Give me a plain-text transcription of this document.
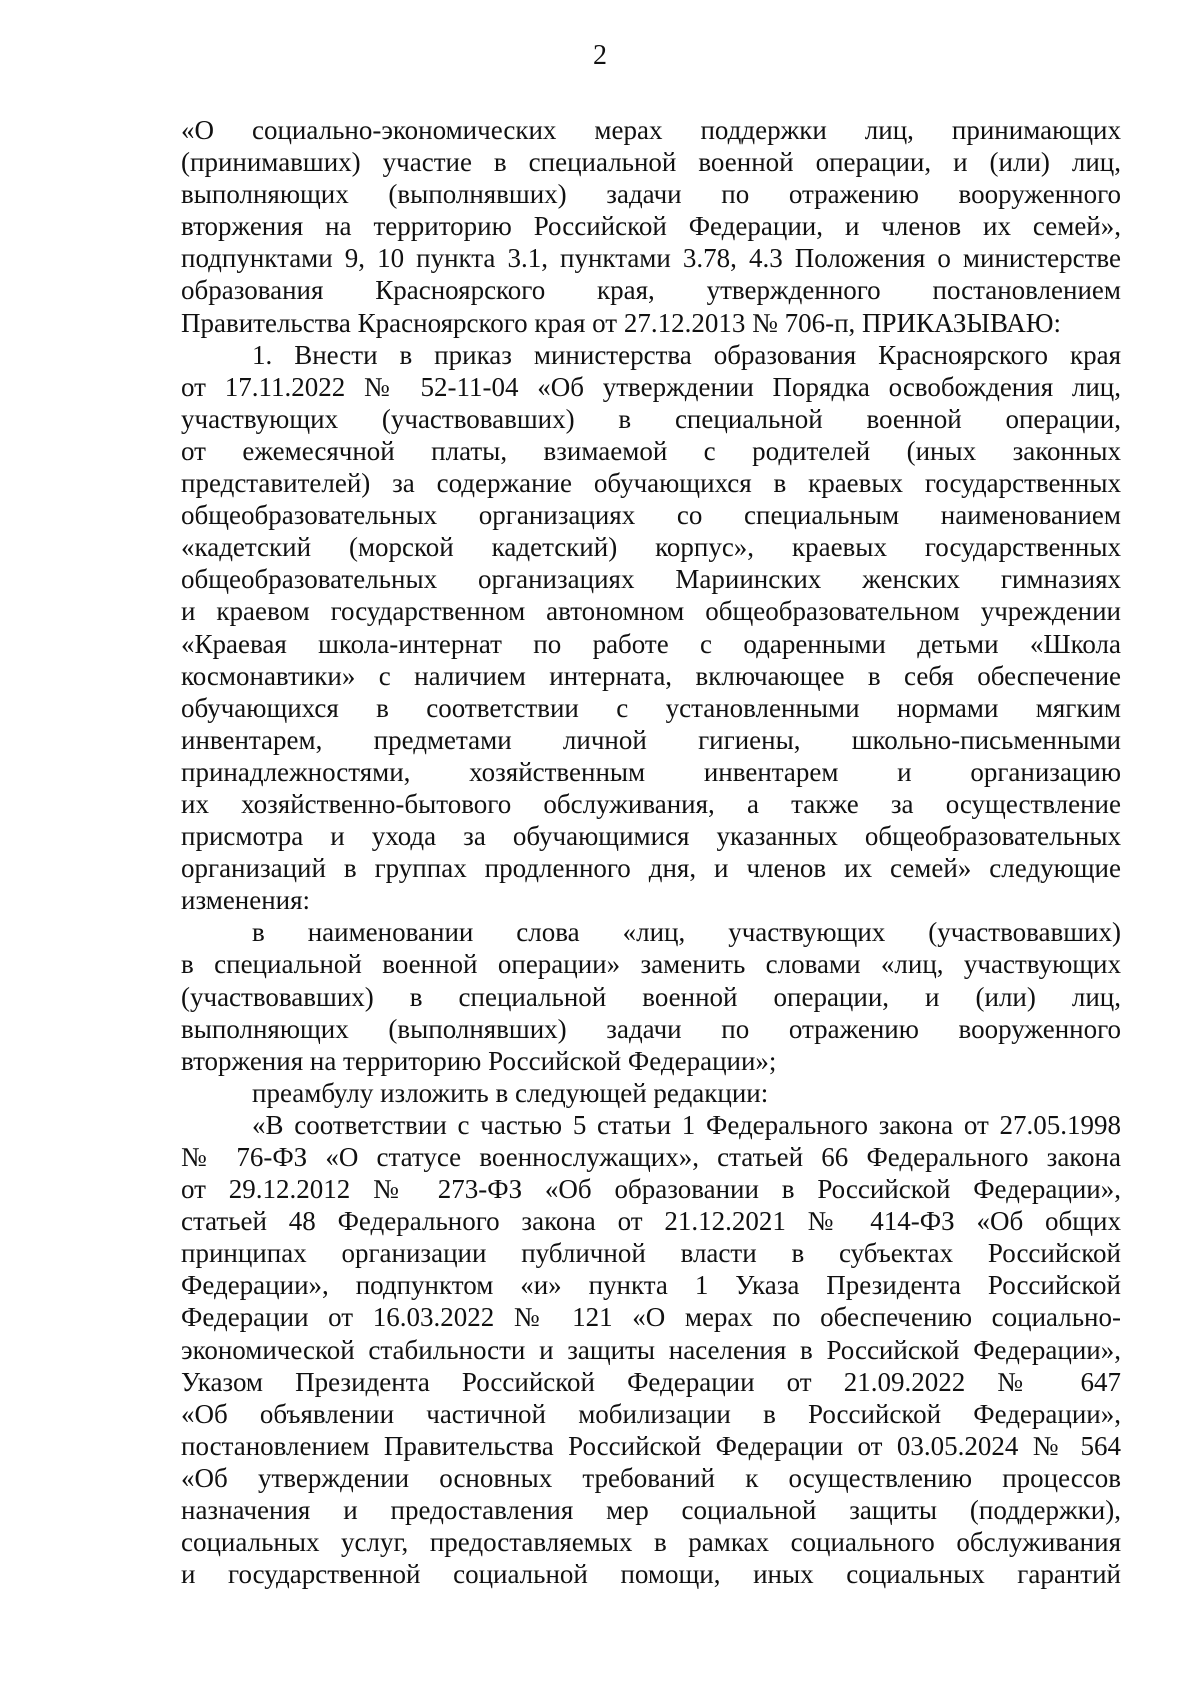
2
«О социально-экономических мерах поддержки лиц, принимающих
(принимавших) участие в специальной военной операции, и (или) лиц,
выполняющих (выполнявших) задачи по отражению вооруженного
вторжения на территорию Российской Федерации, и членов их семей»,
подпунктами 9, 10 пункта 3.1, пунктами 3.78, 4.3 Положения о министерстве
образования Красноярского края, утвержденного постановлением
Правительства Красноярского края от 27.12.2013 № 706-п, ПРИКАЗЫВАЮ:
1. Внести в приказ министерства образования Красноярского края
от 17.11.2022 № 52-11-04 «Об утверждении Порядка освобождения лиц,
участвующих (участвовавших) в специальной военной операции,
от ежемесячной платы, взимаемой с родителей (иных законных
представителей) за содержание обучающихся в краевых государственных
общеобразовательных организациях со специальным наименованием
«кадетский (морской кадетский) корпус», краевых государственных
общеобразовательных организациях Мариинских женских гимназиях
и краевом государственном автономном общеобразовательном учреждении
«Краевая школа-интернат по работе с одаренными детьми «Школа
космонавтики» с наличием интерната, включающее в себя обеспечение
обучающихся в соответствии с установленными нормами мягким
инвентарем, предметами личной гигиены, школьно-письменными
принадлежностями, хозяйственным инвентарем и организацию
их хозяйственно-бытового обслуживания, а также за осуществление
присмотра и ухода за обучающимися указанных общеобразовательных
организаций в группах продленного дня, и членов их семей» следующие
изменения:
в наименовании слова «лиц, участвующих (участвовавших)
в специальной военной операции» заменить словами «лиц, участвующих
(участвовавших) в специальной военной операции, и (или) лиц,
выполняющих (выполнявших) задачи по отражению вооруженного
вторжения на территорию Российской Федерации»;
преамбулу изложить в следующей редакции:
«В соответствии с частью 5 статьи 1 Федерального закона от 27.05.1998
№ 76-ФЗ «О статусе военнослужащих», статьей 66 Федерального закона
от 29.12.2012 № 273-ФЗ «Об образовании в Российской Федерации»,
статьей 48 Федерального закона от 21.12.2021 № 414-ФЗ «Об общих
принципах организации публичной власти в субъектах Российской
Федерации», подпунктом «и» пункта 1 Указа Президента Российской
Федерации от 16.03.2022 № 121 «О мерах по обеспечению социально-
экономической стабильности и защиты населения в Российской Федерации»,
Указом Президента Российской Федерации от 21.09.2022 № 647
«Об объявлении частичной мобилизации в Российской Федерации»,
постановлением Правительства Российской Федерации от 03.05.2024 № 564
«Об утверждении основных требований к осуществлению процессов
назначения и предоставления мер социальной защиты (поддержки),
социальных услуг, предоставляемых в рамках социального обслуживания
и государственной социальной помощи, иных социальных гарантий
